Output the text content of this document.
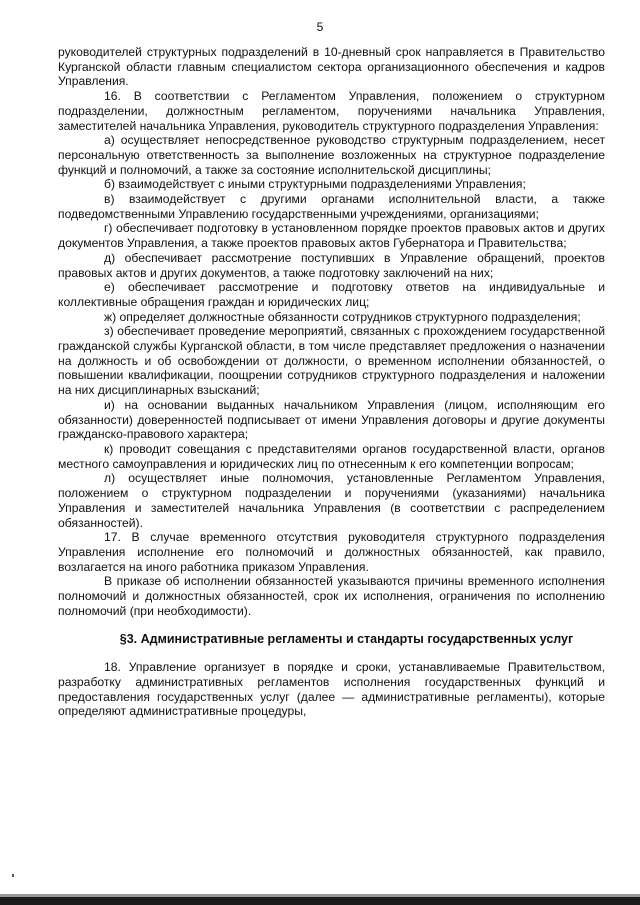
5

руководителей структурных подразделений в 10-дневный срок направляется в Правительство Курганской области главным специалистом сектора организационного обеспечения и кадров Управления.

16. В соответствии с Регламентом Управления, положением о структурном подразделении, должностным регламентом, поручениями начальника Управления, заместителей начальника Управления, руководитель структурного подразделения Управления:

а) осуществляет непосредственное руководство структурным подразделением, несет персональную ответственность за выполнение возложенных на структурное подразделение функций и полномочий, а также за состояние исполнительской дисциплины;

б) взаимодействует с иными структурными подразделениями Управления;

в) взаимодействует с другими органами исполнительной власти, а также подведомственными Управлению государственными учреждениями, организациями;

г) обеспечивает подготовку в установленном порядке проектов правовых актов и других документов Управления, а также проектов правовых актов Губернатора и Правительства;

д) обеспечивает рассмотрение поступивших в Управление обращений, проектов правовых актов и других документов, а также подготовку заключений на них;

е) обеспечивает рассмотрение и подготовку ответов на индивидуальные и коллективные обращения граждан и юридических лиц;

ж) определяет должностные обязанности сотрудников структурного подразделения;

з) обеспечивает проведение мероприятий, связанных с прохождением государственной гражданской службы Курганской области, в том числе представляет предложения о назначении на должность и об освобождении от должности, о временном исполнении обязанностей, о повышении квалификации, поощрении сотрудников структурного подразделения и наложении на них дисциплинарных взысканий;

и) на основании выданных начальником Управления (лицом, исполняющим его обязанности) доверенностей подписывает от имени Управления договоры и другие документы гражданско-правового характера;

к) проводит совещания с представителями органов государственной власти, органов местного самоуправления и юридических лиц по отнесенным к его компетенции вопросам;

л) осуществляет иные полномочия, установленные Регламентом Управления, положением о структурном подразделении и поручениями (указаниями) начальника Управления и заместителей начальника Управления (в соответствии с распределением обязанностей).

17. В случае временного отсутствия руководителя структурного подразделения Управления исполнение его полномочий и должностных обязанностей, как правило, возлагается на иного работника приказом Управления.

В приказе об исполнении обязанностей указываются причины временного исполнения полномочий и должностных обязанностей, срок их исполнения, ограничения по исполнению полномочий (при необходимости).

§3. Административные регламенты и стандарты государственных услуг

18. Управление организует в порядке и сроки, устанавливаемые Правительством, разработку административных регламентов исполнения государственных функций и предоставления государственных услуг (далее — административные регламенты), которые определяют административные процедуры,
